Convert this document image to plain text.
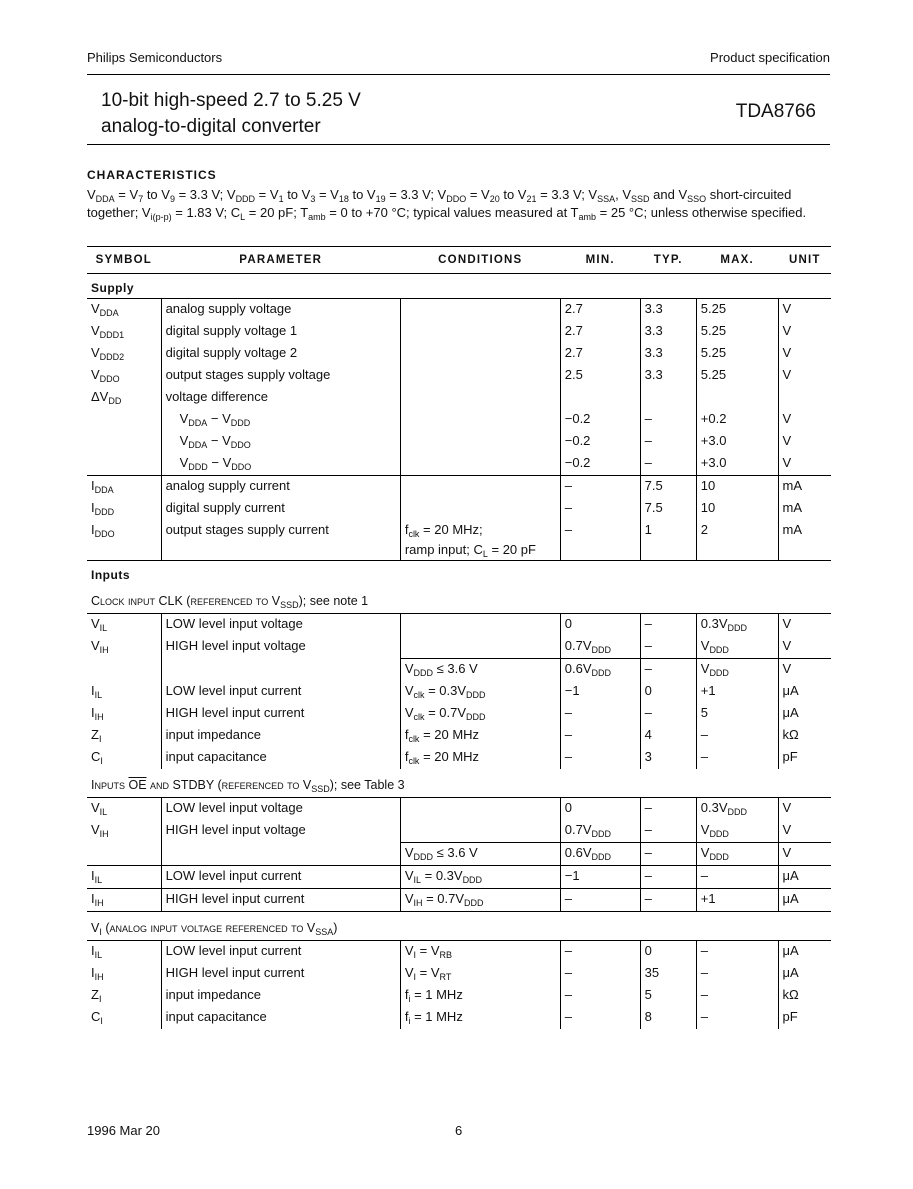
Philips Semiconductors	Product specification
10-bit high-speed 2.7 to 5.25 V
analog-to-digital converter
TDA8766
CHARACTERISTICS
$V_{DDA} = V_7$ to $V_9 = 3.3$ V; $V_{DDD} = V_1$ to $V_3 = V_{18}$ to $V_{19} = 3.3$ V; $V_{DDO} = V_{20}$ to $V_{21} = 3.3$ V; $V_{SSA}$, $V_{SSD}$ and $V_{SSO}$ short-circuited together; $V_{i(p-p)} = 1.83$ V; $C_L = 20$ pF; $T_{amb} = 0$ to +70 °C; typical values measured at $T_{amb} = 25$ °C; unless otherwise specified.
SYMBOL	PARAMETER	CONDITIONS	MIN.	TYP.	MAX.	UNIT
Supply						
$V_{DDA}$	analog supply voltage		2.7	3.3	5.25	V
$V_{DDD1}$	digital supply voltage 1		2.7	3.3	5.25	V
$V_{DDD2}$	digital supply voltage 2		2.7	3.3	5.25	V
$V_{DDO}$	output stages supply voltage		2.5	3.3	5.25	V
$\Delta V_{DD}$	voltage difference					
	$V_{DDA} - V_{DDD}$		−0.2	–	+0.2	V
	$V_{DDA} - V_{DDO}$		−0.2	–	+3.0	V
	$V_{DDD} - V_{DDO}$		−0.2	–	+3.0	V
$I_{DDA}$	analog supply current		–	7.5	10	mA
$I_{DDD}$	digital supply current		–	7.5	10	mA
$I_{DDO}$	output stages supply current	$f_{clk} = 20$ MHz;
ramp input; $C_L = 20$ pF	–	1	2	mA
Inputs						
Clock input CLK (referenced to $V_{SSD}$); see note 1						
$V_{IL}$	LOW level input voltage		0	–	$0.3V_{DDD}$	V
$V_{IH}$	HIGH level input voltage		$0.7V_{DDD}$	–	$V_{DDD}$	V
		$V_{DDD} \le 3.6$ V	$0.6V_{DDD}$	–	$V_{DDD}$	V
$I_{IL}$	LOW level input current	$V_{clk} = 0.3V_{DDD}$	−1	0	+1	μA
$I_{IH}$	HIGH level input current	$V_{clk} = 0.7V_{DDD}$	–	–	5	μA
$Z_I$	input impedance	$f_{clk} = 20$ MHz	–	4	–	kΩ
$C_I$	input capacitance	$f_{clk} = 20$ MHz	–	3	–	pF
Inputs $\overline{OE}$ and STDBY (referenced to $V_{SSD}$); see Table 3						
$V_{IL}$	LOW level input voltage		0	–	$0.3V_{DDD}$	V
$V_{IH}$	HIGH level input voltage		$0.7V_{DDD}$	–	$V_{DDD}$	V
		$V_{DDD} \le 3.6$ V	$0.6V_{DDD}$	–	$V_{DDD}$	V
$I_{IL}$	LOW level input current	$V_{IL} = 0.3V_{DDD}$	−1	–	–	μA
$I_{IH}$	HIGH level input current	$V_{IH} = 0.7V_{DDD}$	–	–	+1	μA
$V_I$ (analog input voltage referenced to $V_{SSA}$)						
$I_{IL}$	LOW level input current	$V_I = V_{RB}$	–	0	–	μA
$I_{IH}$	HIGH level input current	$V_I = V_{RT}$	–	35	–	μA
$Z_I$	input impedance	$f_i = 1$ MHz	–	5	–	kΩ
$C_I$	input capacitance	$f_i = 1$ MHz	–	8	–	pF
1996 Mar 20	6
